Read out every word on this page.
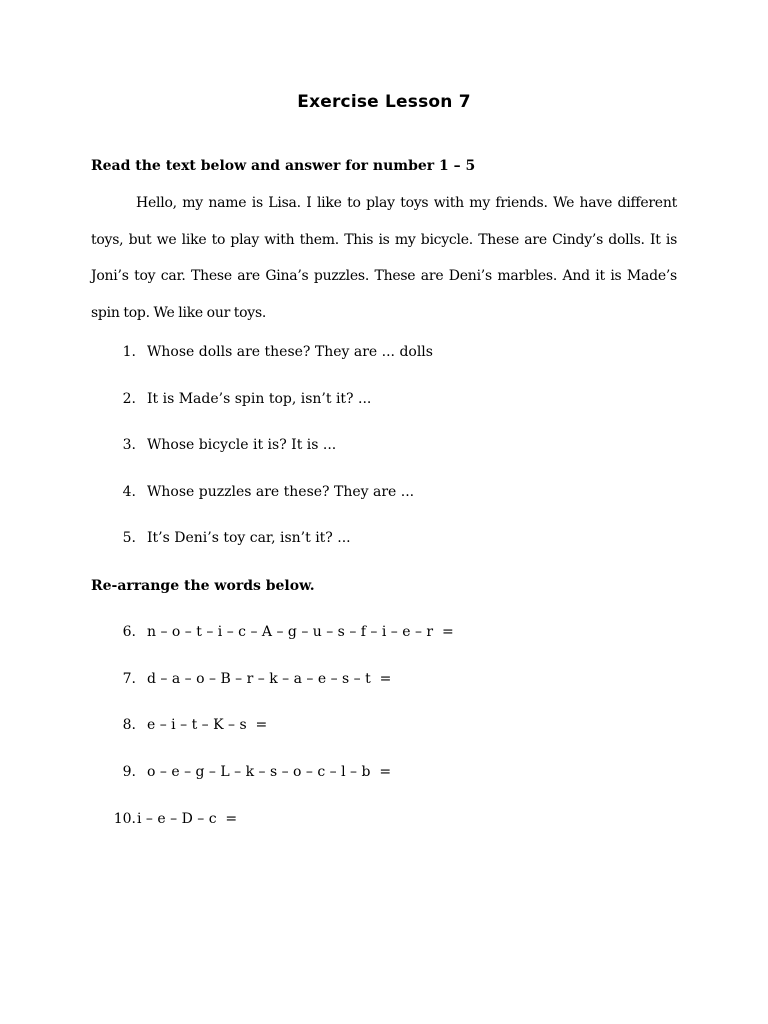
Exercise Lesson 7
Read the text below and answer for number 1 – 5

Hello, my name is Lisa. I like to play toys with my friends. We have different toys, but we like to play with them. This is my bicycle. These are Cindy’s dolls. It is Joni’s toy car. These are Gina’s puzzles. These are Deni’s marbles. And it is Made’s spin top. We like our toys.

1. Whose dolls are these? They are ... dolls
2. It is Made’s spin top, isn’t it? ...
3. Whose bicycle it is? It is ...
4. Whose puzzles are these? They are ...
5. It’s Deni’s toy car, isn’t it? ...
Re-arrange the words below.
6. n – o – t – i – c – A – g – u – s – f – i – e – r  =
7. d – a – o – B – r – k – a – e – s – t  =
8. e – i – t – K – s  =
9. o – e – g – L – k – s – o – c – l – b  =
10.i – e – D – c  =
